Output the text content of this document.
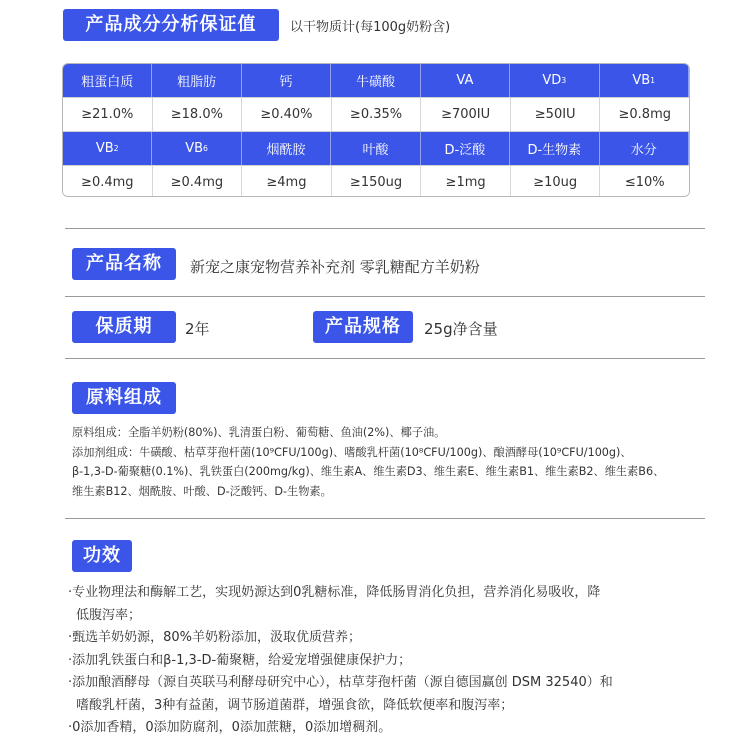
产品成分分析保证值	以干物质计(每100g奶粉含)
粗蛋白质	粗脂肪	钙	牛磺酸	VA	VD 3	VB 1
≥21.0%	≥18.0%	≥0.40%	≥0.35%	≥700IU	≥50IU	≥0.8mg
VB 2	VB 6	烟酰胺	叶酸	D-泛酸	D-生物素	水分
≥0.4mg	≥0.4mg	≥4mg	≥150ug	≥1mg	≥10ug	≤10%
产品名称	新宠之康宠物营养补充剂 零乳糖配方羊奶粉
保质期	2年	产品规格	25g净含量
原料组成

原料组成：全脂羊奶粉(80%)、乳清蛋白粉、葡萄糖、鱼油(2%)、椰子油。

添加剂组成：牛磺酸、枯草芽孢杆菌(10⁹CFU/100g)、嗜酸乳杆菌(10⁸CFU/100g)、酿酒酵母(10⁹CFU/100g)、

β-1,3-D-葡聚糖(0.1%)、乳铁蛋白(200mg/kg)、维生素A、维生素D3、维生素E、维生素B1、维生素B2、维生素B6、

维生素B12、烟酰胺、叶酸、D-泛酸钙、D-生物素。

功效

·专业物理法和酶解工艺，实现奶源达到0乳糖标准，降低肠胃消化负担，营养消化易吸收，降

低腹泻率；

·甄选羊奶奶源，80%羊奶粉添加，汲取优质营养；

·添加乳铁蛋白和β-1,3-D-葡聚糖，给爱宠增强健康保护力；

·添加酿酒酵母（源自英联马利酵母研究中心），枯草芽孢杆菌（源自德国赢创 DSM 32540）和

嗜酸乳杆菌，3种有益菌，调节肠道菌群，增强食欲，降低软便率和腹泻率；

·0添加香精，0添加防腐剂，0添加蔗糖，0添加增稠剂。
